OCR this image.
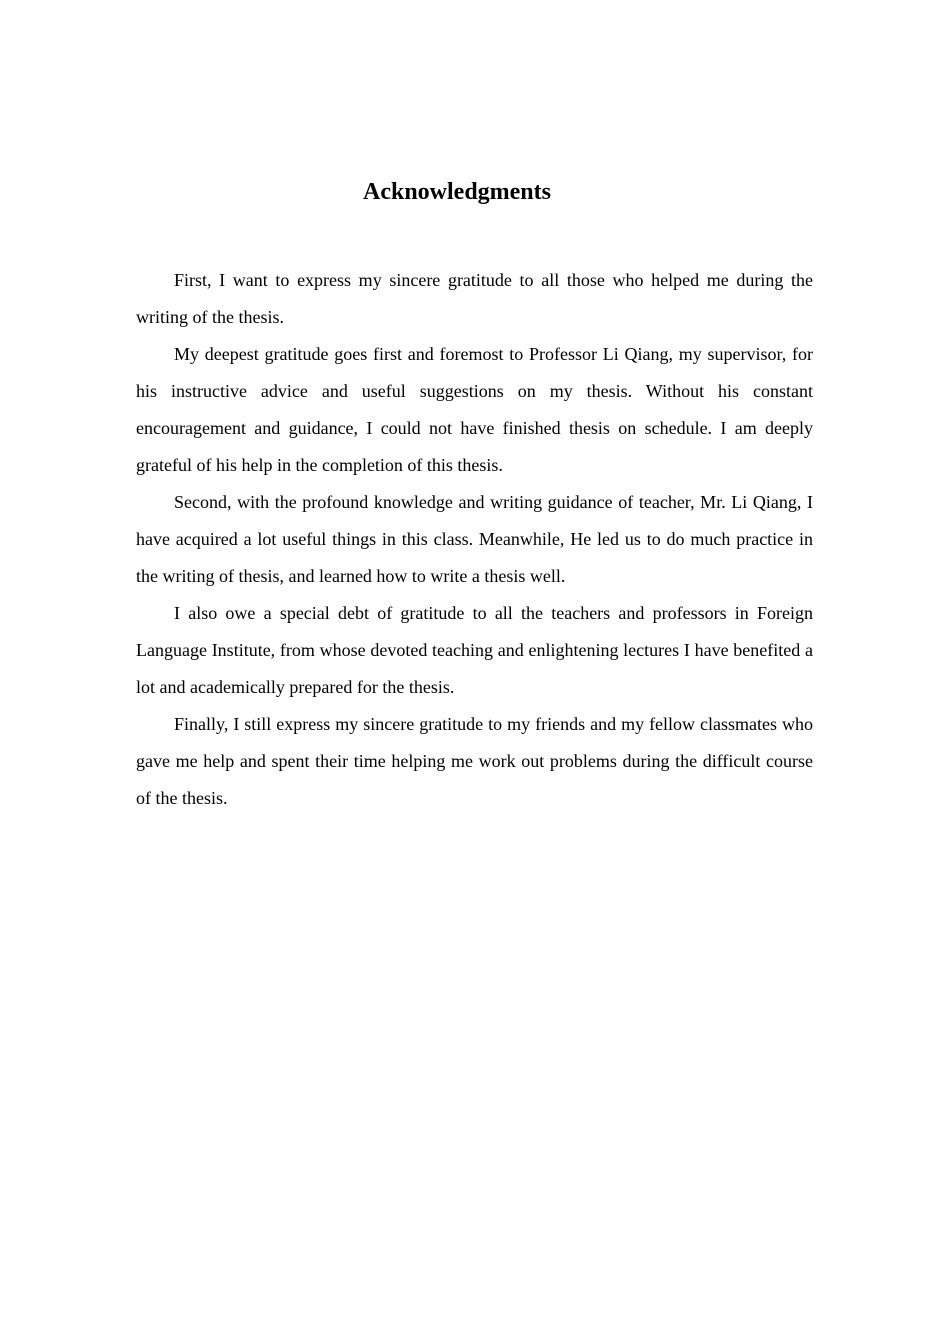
Acknowledgments

First, I want to express my sincere gratitude to all those who helped me during the writing of the thesis.

My deepest gratitude goes first and foremost to Professor Li Qiang, my supervisor, for his instructive advice and useful suggestions on my thesis. Without his constant encouragement and guidance, I could not have finished thesis on schedule. I am deeply grateful of his help in the completion of this thesis.

Second, with the profound knowledge and writing guidance of teacher, Mr. Li Qiang, I have acquired a lot useful things in this class. Meanwhile, He led us to do much practice in the writing of thesis, and learned how to write a thesis well.

I also owe a special debt of gratitude to all the teachers and professors in Foreign Language Institute, from whose devoted teaching and enlightening lectures I have benefited a lot and academically prepared for the thesis.

Finally, I still express my sincere gratitude to my friends and my fellow classmates who gave me help and spent their time helping me work out problems during the difficult course of the thesis.
